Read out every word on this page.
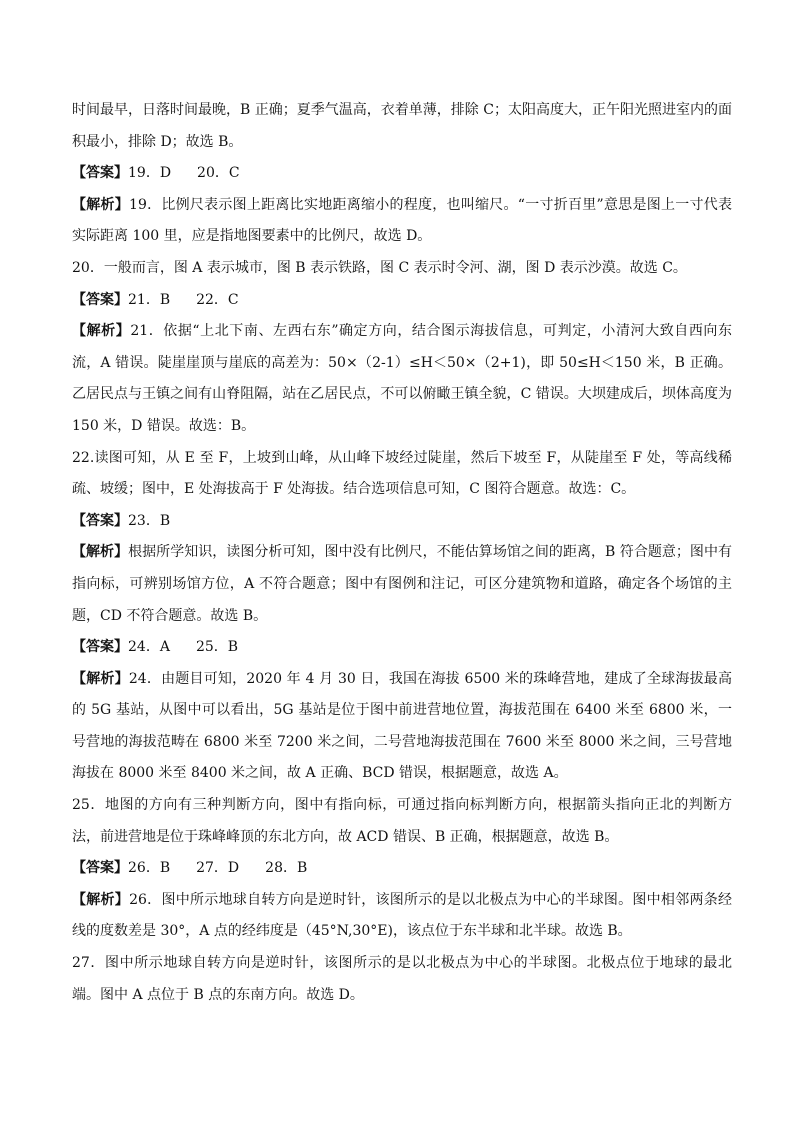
时间最早，日落时间最晚，B 正确；夏季气温高，衣着单薄，排除 C；太阳高度大，正午阳光照进室内的面积最小，排除 D；故选 B。

【答案】19．D 20．C

【解析】19．比例尺表示图上距离比实地距离缩小的程度，也叫缩尺。“一寸折百里”意思是图上一寸代表实际距离 100 里，应是指地图要素中的比例尺，故选 D。

20．一般而言，图 A 表示城市，图 B 表示铁路，图 C 表示时令河、湖，图 D 表示沙漠。故选 C。

【答案】21．B 22．C

【解析】21．依据“上北下南、左西右东”确定方向，结合图示海拔信息，可判定，小清河大致自西向东流，A 错误。陡崖崖顶与崖底的高差为：50×（2-1）≤H＜50×（2+1)，即 50≤H＜150 米，B 正确。乙居民点与王镇之间有山脊阻隔，站在乙居民点，不可以俯瞰王镇全貌，C 错误。大坝建成后，坝体高度为 150 米，D 错误。故选：B。

22.读图可知，从 E 至 F，上坡到山峰，从山峰下坡经过陡崖，然后下坡至 F，从陡崖至 F 处，等高线稀疏、坡缓；图中，E 处海拔高于 F 处海拔。结合选项信息可知，C 图符合题意。故选：C。

【答案】23．B

【解析】根据所学知识，读图分析可知，图中没有比例尺，不能估算场馆之间的距离，B 符合题意；图中有指向标，可辨别场馆方位，A 不符合题意；图中有图例和注记，可区分建筑物和道路，确定各个场馆的主题，CD 不符合题意。故选 B。

【答案】24．A 25．B

【解析】24．由题目可知，2020 年 4 月 30 日，我国在海拔 6500 米的珠峰营地，建成了全球海拔最高的 5G 基站，从图中可以看出，5G 基站是位于图中前进营地位置，海拔范围在 6400 米至 6800 米，一号营地的海拔范畴在 6800 米至 7200 米之间，二号营地海拔范围在 7600 米至 8000 米之间，三号营地海拔在 8000 米至 8400 米之间，故 A 正确、BCD 错误，根据题意，故选 A。

25．地图的方向有三种判断方向，图中有指向标，可通过指向标判断方向，根据箭头指向正北的判断方法，前进营地是位于珠峰峰顶的东北方向，故 ACD 错误、B 正确，根据题意，故选 B。

【答案】26．B 27．D 28．B

【解析】26．图中所示地球自转方向是逆时针，该图所示的是以北极点为中心的半球图。图中相邻两条经线的度数差是 30°，A 点的经纬度是（45°N,30°E)，该点位于东半球和北半球。故选 B。

27．图中所示地球自转方向是逆时针，该图所示的是以北极点为中心的半球图。北极点位于地球的最北端。图中 A 点位于 B 点的东南方向。故选 D。
